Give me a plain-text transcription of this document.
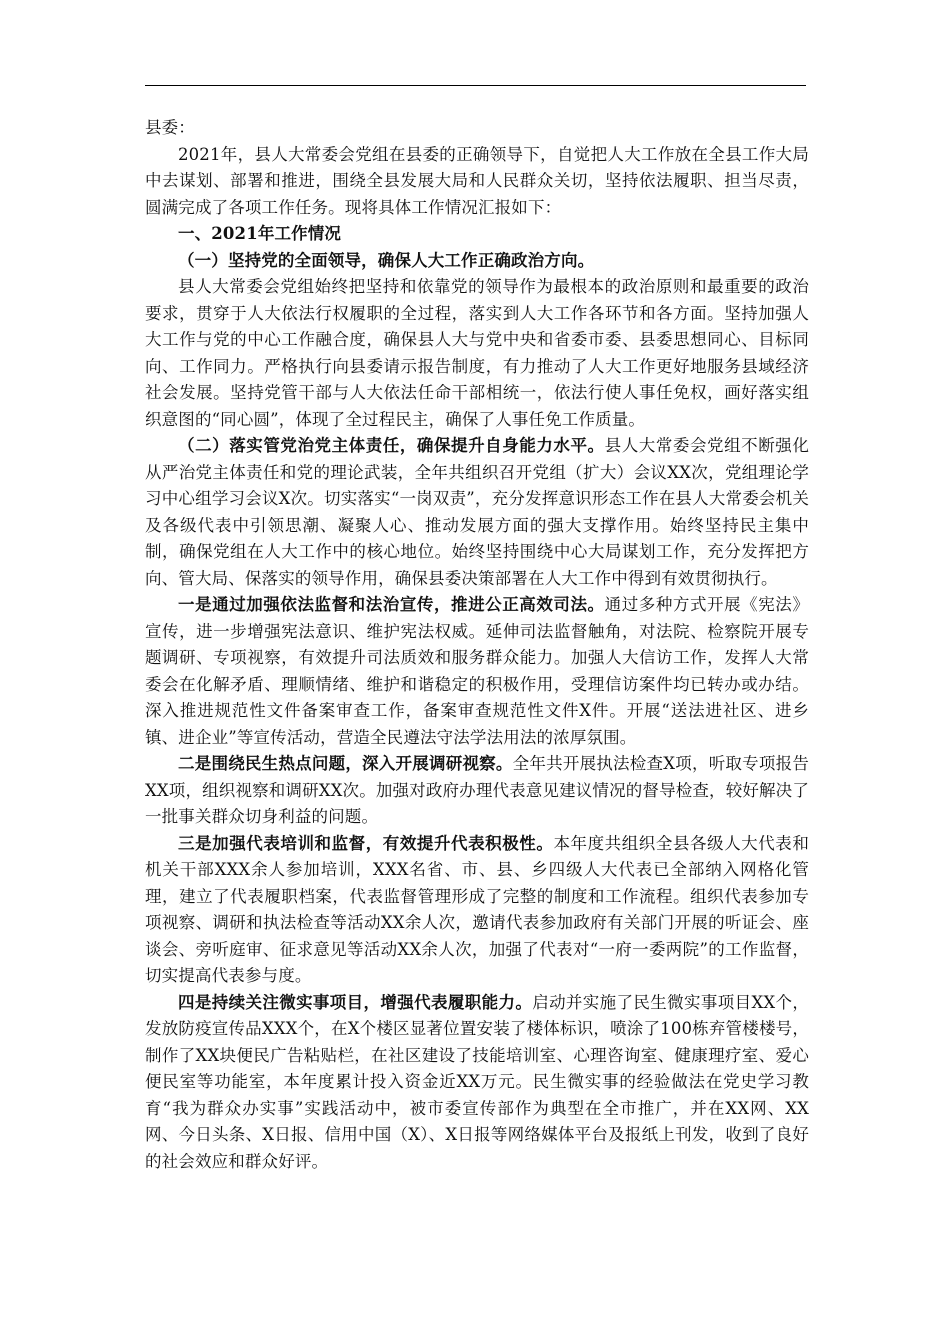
县委：

2021年，县人大常委会党组在县委的正确领导下，自觉把人大工作放在全县工作大局中去谋划、部署和推进，围绕全县发展大局和人民群众关切，坚持依法履职、担当尽责，圆满完成了各项工作任务。现将具体工作情况汇报如下：

一、2021年工作情况

（一）坚持党的全面领导，确保人大工作正确政治方向。

县人大常委会党组始终把坚持和依靠党的领导作为最根本的政治原则和最重要的政治要求，贯穿于人大依法行权履职的全过程，落实到人大工作各环节和各方面。坚持加强人大工作与党的中心工作融合度，确保县人大与党中央和省委市委、县委思想同心、目标同向、工作同力。严格执行向县委请示报告制度，有力推动了人大工作更好地服务县域经济社会发展。坚持党管干部与人大依法任命干部相统一，依法行使人事任免权，画好落实组织意图的“同心圆”，体现了全过程民主，确保了人事任免工作质量。

（二）落实管党治党主体责任，确保提升自身能力水平。县人大常委会党组不断强化从严治党主体责任和党的理论武装，全年共组织召开党组（扩大）会议XX次，党组理论学习中心组学习会议X次。切实落实“一岗双责”，充分发挥意识形态工作在县人大常委会机关及各级代表中引领思潮、凝聚人心、推动发展方面的强大支撑作用。始终坚持民主集中制，确保党组在人大工作中的核心地位。始终坚持围绕中心大局谋划工作，充分发挥把方向、管大局、保落实的领导作用，确保县委决策部署在人大工作中得到有效贯彻执行。

一是通过加强依法监督和法治宣传，推进公正高效司法。通过多种方式开展《宪法》宣传，进一步增强宪法意识、维护宪法权威。延伸司法监督触角，对法院、检察院开展专题调研、专项视察，有效提升司法质效和服务群众能力。加强人大信访工作，发挥人大常委会在化解矛盾、理顺情绪、维护和谐稳定的积极作用，受理信访案件均已转办或办结。深入推进规范性文件备案审查工作，备案审查规范性文件X件。开展“送法进社区、进乡镇、进企业”等宣传活动，营造全民遵法守法学法用法的浓厚氛围。

二是围绕民生热点问题，深入开展调研视察。全年共开展执法检查X项，听取专项报告XX项，组织视察和调研XX次。加强对政府办理代表意见建议情况的督导检查，较好解决了一批事关群众切身利益的问题。

三是加强代表培训和监督，有效提升代表积极性。本年度共组织全县各级人大代表和机关干部XXX余人参加培训，XXX名省、市、县、乡四级人大代表已全部纳入网格化管理，建立了代表履职档案，代表监督管理形成了完整的制度和工作流程。组织代表参加专项视察、调研和执法检查等活动XX余人次，邀请代表参加政府有关部门开展的听证会、座谈会、旁听庭审、征求意见等活动XX余人次，加强了代表对“一府一委两院”的工作监督，切实提高代表参与度。

四是持续关注微实事项目，增强代表履职能力。启动并实施了民生微实事项目XX个，发放防疫宣传品XXX个，在X个楼区显著位置安装了楼体标识，喷涂了100栋弃管楼楼号，制作了XX块便民广告粘贴栏，在社区建设了技能培训室、心理咨询室、健康理疗室、爱心便民室等功能室，本年度累计投入资金近XX万元。民生微实事的经验做法在党史学习教育“我为群众办实事”实践活动中，被市委宣传部作为典型在全市推广，并在XX网、XX网、今日头条、X日报、信用中国（X）、X日报等网络媒体平台及报纸上刊发，收到了良好的社会效应和群众好评。
